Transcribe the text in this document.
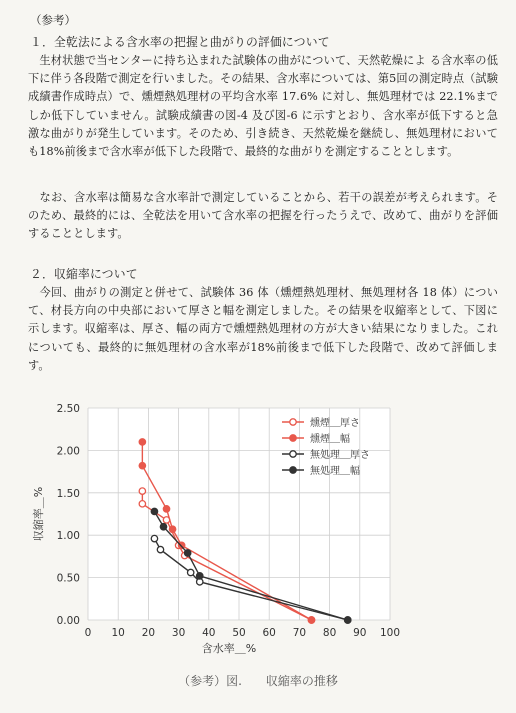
（参考）
１．全乾法による含水率の把握と曲がりの評価について
　生材状態で当センターに持ち込まれた試験体の曲がについて、天然乾燥によ る含水率の低下に伴う各段階で測定を行いました。その結果、含水率については、第5回の測定時点（試験成績書作成時点）で、燻煙熱処理材の平均含水率 17.6% に対し、無処理材では 22.1%までしか低下していません。試験成績書の図-4 及び図-6 に示すとおり、含水率が低下すると急激な曲がりが発生しています。そのため、引き続き、天然乾燥を継続し、無処理材においても18%前後まで含水率が低下した段階で、最終的な曲がりを測定することとします。
　なお、含水率は簡易な含水率計で測定していることから、若干の誤差が考えられます。そのため、最終的には、全乾法を用いて含水率の把握を行ったうえで、改めて、曲がりを評価することとします。
２．収縮率について
　今回、曲がりの測定と併せて、試験体 36 体（燻煙熱処理材、無処理材各 18 体）について、材長方向の中央部において厚さと幅を測定しました。その結果を収縮率として、下図に示します。収縮率は、厚さ、幅の両方で燻煙熱処理材の方が大きい結果になりました。これについても、最終的に無処理材の含水率が18%前後まで低下した段階で、改めて評価します。
0.00
0.50
1.00
1.50
2.00
2.50
0 10 20 30 40 50 60 70 80 90 100
含水率＿%
収縮率＿%
燻煙＿厚さ
燻煙＿幅
無処理＿厚さ
無処理＿幅
（参考）図.　　収縮率の推移
